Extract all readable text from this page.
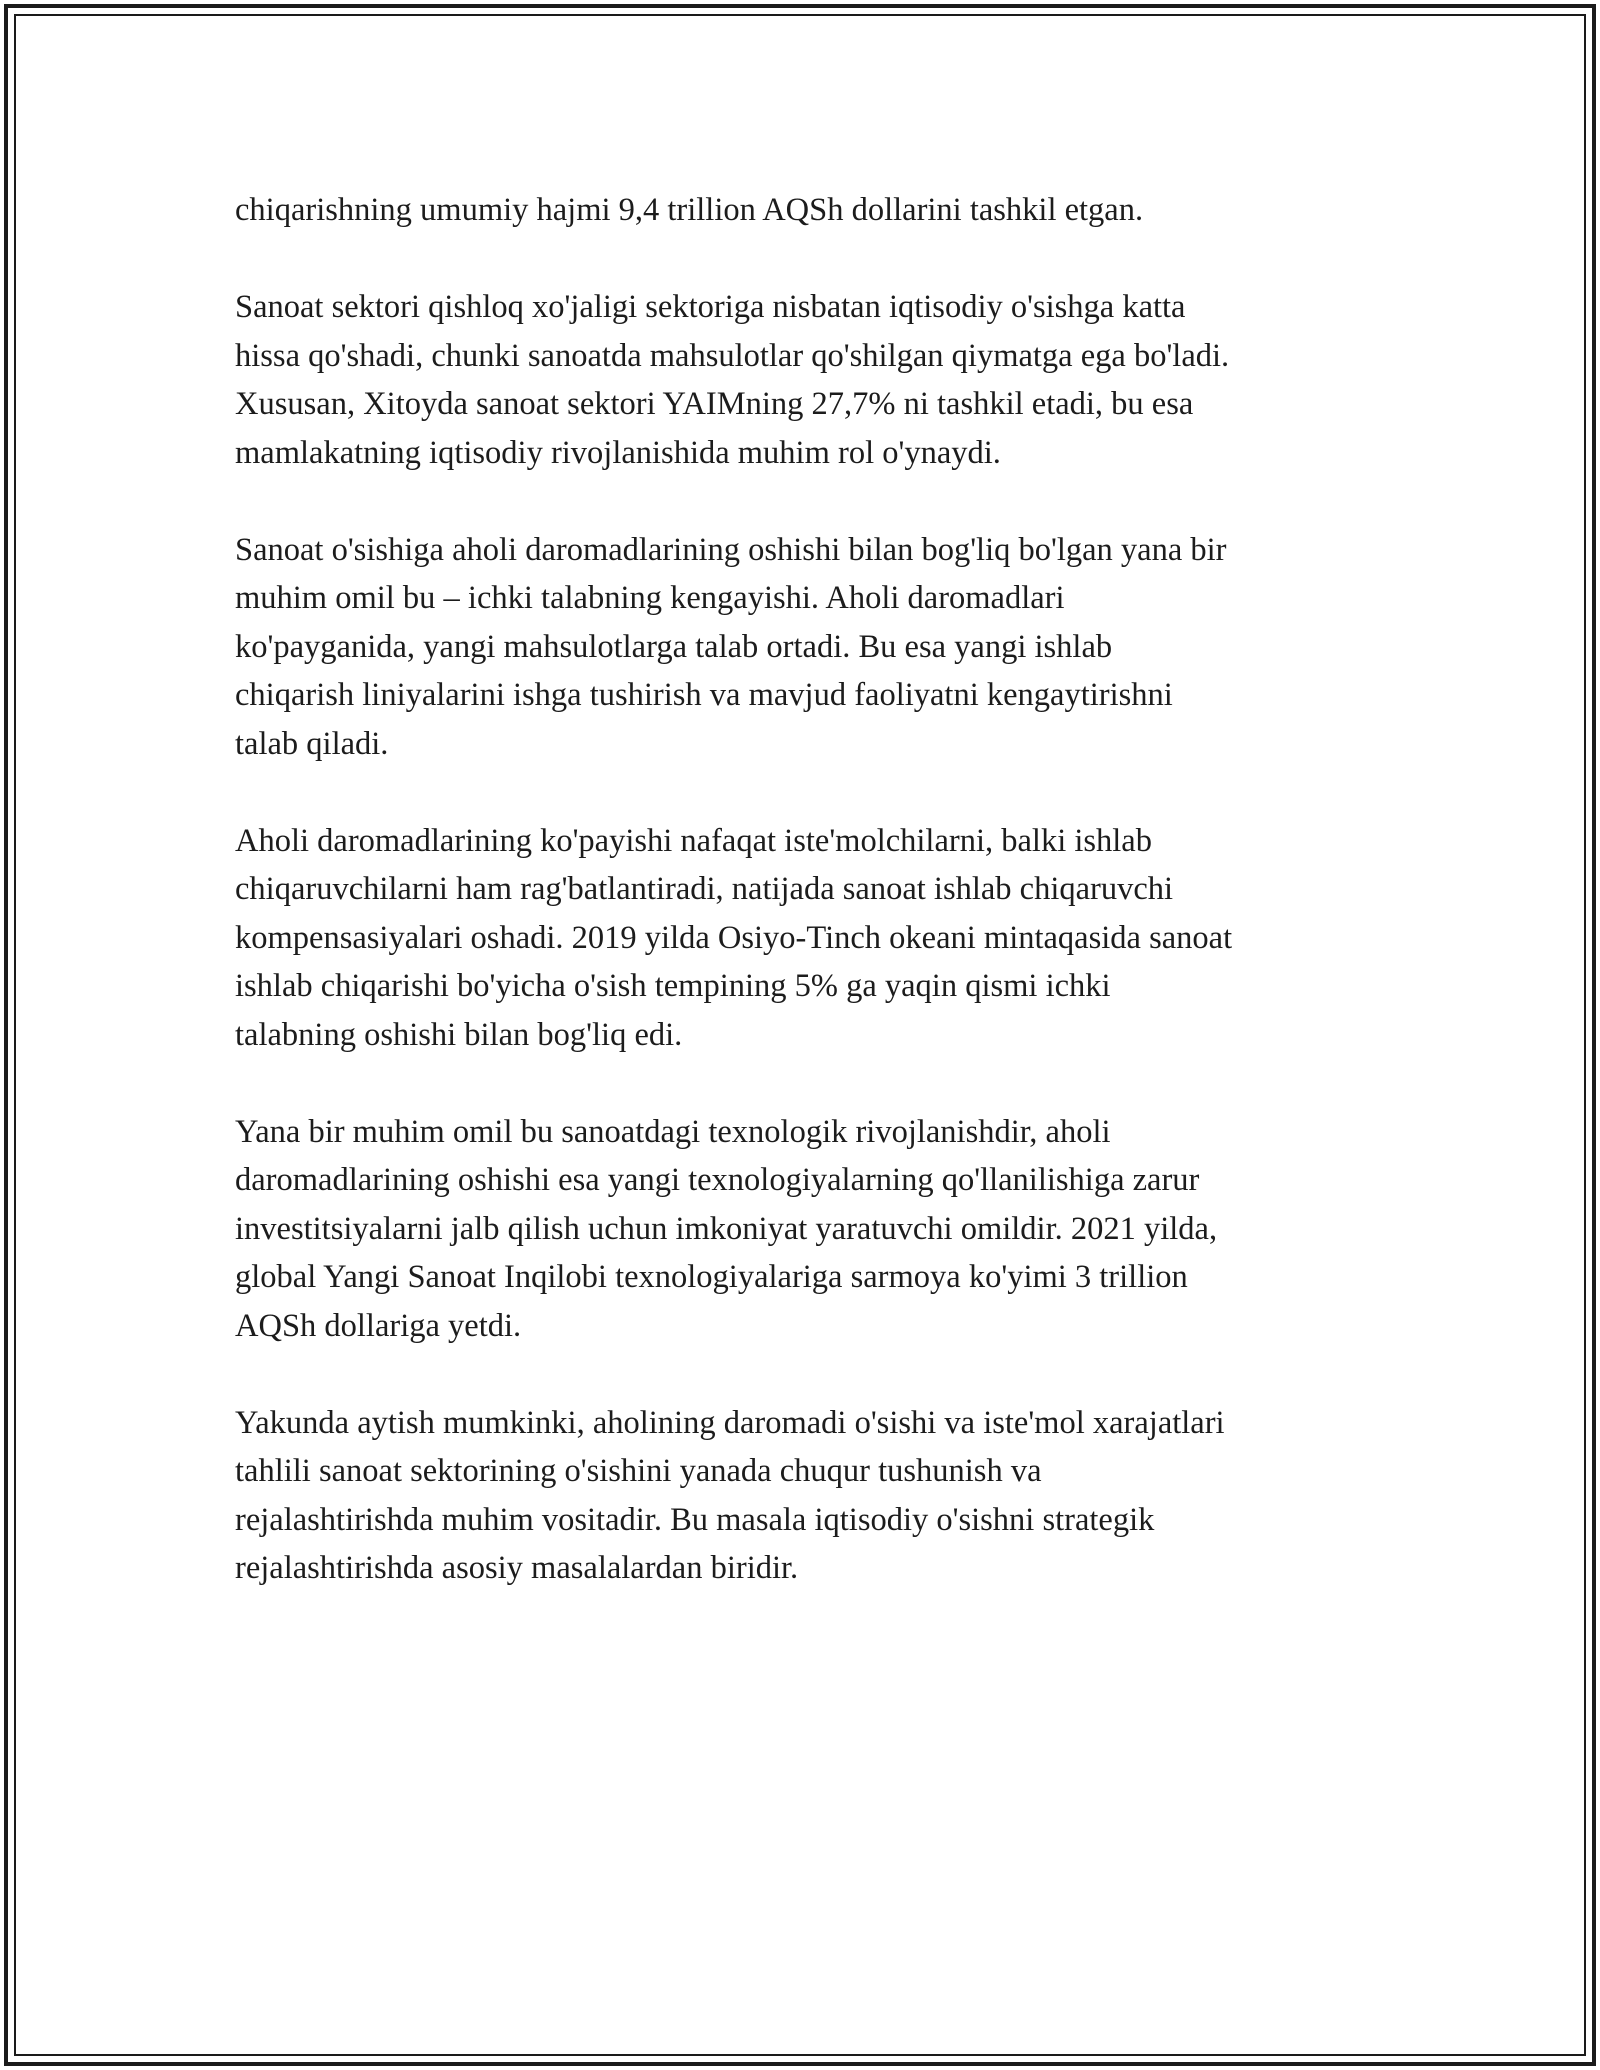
chiqarishning umumiy hajmi 9,4 trillion AQSh dollarini tashkil etgan.

Sanoat sektori qishloq xo'jaligi sektoriga nisbatan iqtisodiy o'sishga katta
hissa qo'shadi, chunki sanoatda mahsulotlar qo'shilgan qiymatga ega bo'ladi.
Xususan, Xitoyda sanoat sektori YAIMning 27,7% ni tashkil etadi, bu esa
mamlakatning iqtisodiy rivojlanishida muhim rol o'ynaydi.

Sanoat o'sishiga aholi daromadlarining oshishi bilan bog'liq bo'lgan yana bir
muhim omil bu – ichki talabning kengayishi. Aholi daromadlari
ko'payganida, yangi mahsulotlarga talab ortadi. Bu esa yangi ishlab
chiqarish liniyalarini ishga tushirish va mavjud faoliyatni kengaytirishni
talab qiladi.

Aholi daromadlarining ko'payishi nafaqat iste'molchilarni, balki ishlab
chiqaruvchilarni ham rag'batlantiradi, natijada sanoat ishlab chiqaruvchi
kompensasiyalari oshadi. 2019 yilda Osiyo-Tinch okeani mintaqasida sanoat
ishlab chiqarishi bo'yicha o'sish tempining 5% ga yaqin qismi ichki
talabning oshishi bilan bog'liq edi.

Yana bir muhim omil bu sanoatdagi texnologik rivojlanishdir, aholi
daromadlarining oshishi esa yangi texnologiyalarning qo'llanilishiga zarur
investitsiyalarni jalb qilish uchun imkoniyat yaratuvchi omildir. 2021 yilda,
global Yangi Sanoat Inqilobi texnologiyalariga sarmoya ko'yimi 3 trillion
AQSh dollariga yetdi.

Yakunda aytish mumkinki, aholining daromadi o'sishi va iste'mol xarajatlari
tahlili sanoat sektorining o'sishini yanada chuqur tushunish va
rejalashtirishda muhim vositadir. Bu masala iqtisodiy o'sishni strategik
rejalashtirishda asosiy masalalardan biridir.
